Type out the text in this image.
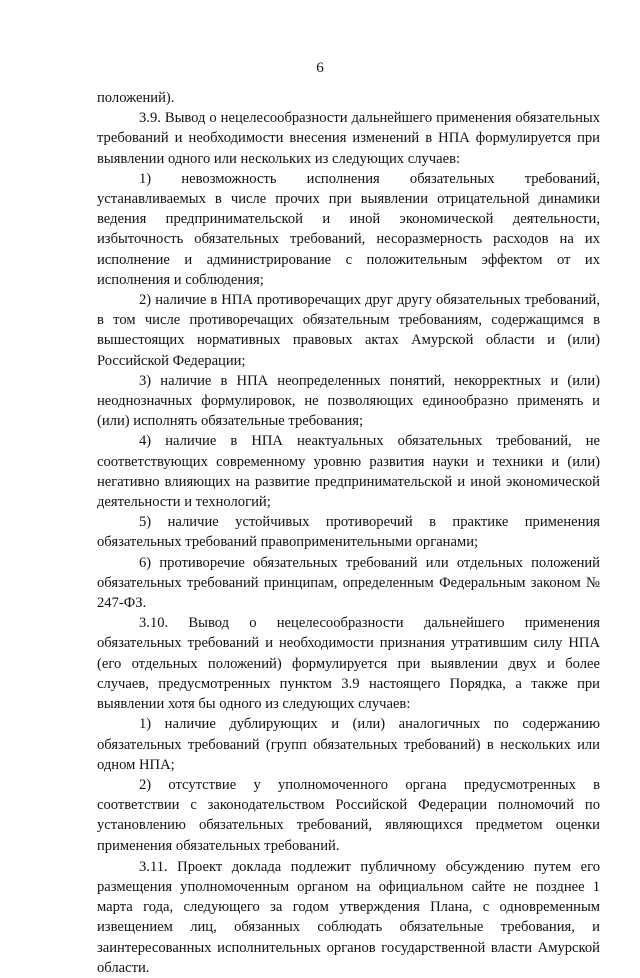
6

положений).

3.9. Вывод о нецелесообразности дальнейшего применения обязательных требований и необходимости внесения изменений в НПА формулируется при выявлении одного или нескольких из следующих случаев:

1) невозможность исполнения обязательных требований, устанавливаемых в числе прочих при выявлении отрицательной динамики ведения предпринимательской и иной экономической деятельности, избыточность обязательных требований, несоразмерность расходов на их исполнение и администрирование с положительным эффектом от их исполнения и соблюдения;

2) наличие в НПА противоречащих друг другу обязательных требований, в том числе противоречащих обязательным требованиям, содержащимся в вышестоящих нормативных правовых актах Амурской области и (или) Российской Федерации;

3) наличие в НПА неопределенных понятий, некорректных и (или) неоднозначных формулировок, не позволяющих единообразно применять и (или) исполнять обязательные требования;

4) наличие в НПА неактуальных обязательных требований, не соответствующих современному уровню развития науки и техники и (или) негативно влияющих на развитие предпринимательской и иной экономической деятельности и технологий;

5) наличие устойчивых противоречий в практике применения обязательных требований правоприменительными органами;

6) противоречие обязательных требований или отдельных положений обязательных требований принципам, определенным Федеральным законом № 247-ФЗ.

3.10. Вывод о нецелесообразности дальнейшего применения обязательных требований и необходимости признания утратившим силу НПА (его отдельных положений) формулируется при выявлении двух и более случаев, предусмотренных пунктом 3.9 настоящего Порядка, а также при выявлении хотя бы одного из следующих случаев:

1) наличие дублирующих и (или) аналогичных по содержанию обязательных требований (групп обязательных требований) в нескольких или одном НПА;

2) отсутствие у уполномоченного органа предусмотренных в соответствии с законодательством Российской Федерации полномочий по установлению обязательных требований, являющихся предметом оценки применения обязательных требований.

3.11. Проект доклада подлежит публичному обсуждению путем его размещения уполномоченным органом на официальном сайте не позднее 1 марта года, следующего за годом утверждения Плана, с одновременным извещением лиц, обязанных соблюдать обязательные требования, и заинтересованных исполнительных органов государственной власти Амурской области.
